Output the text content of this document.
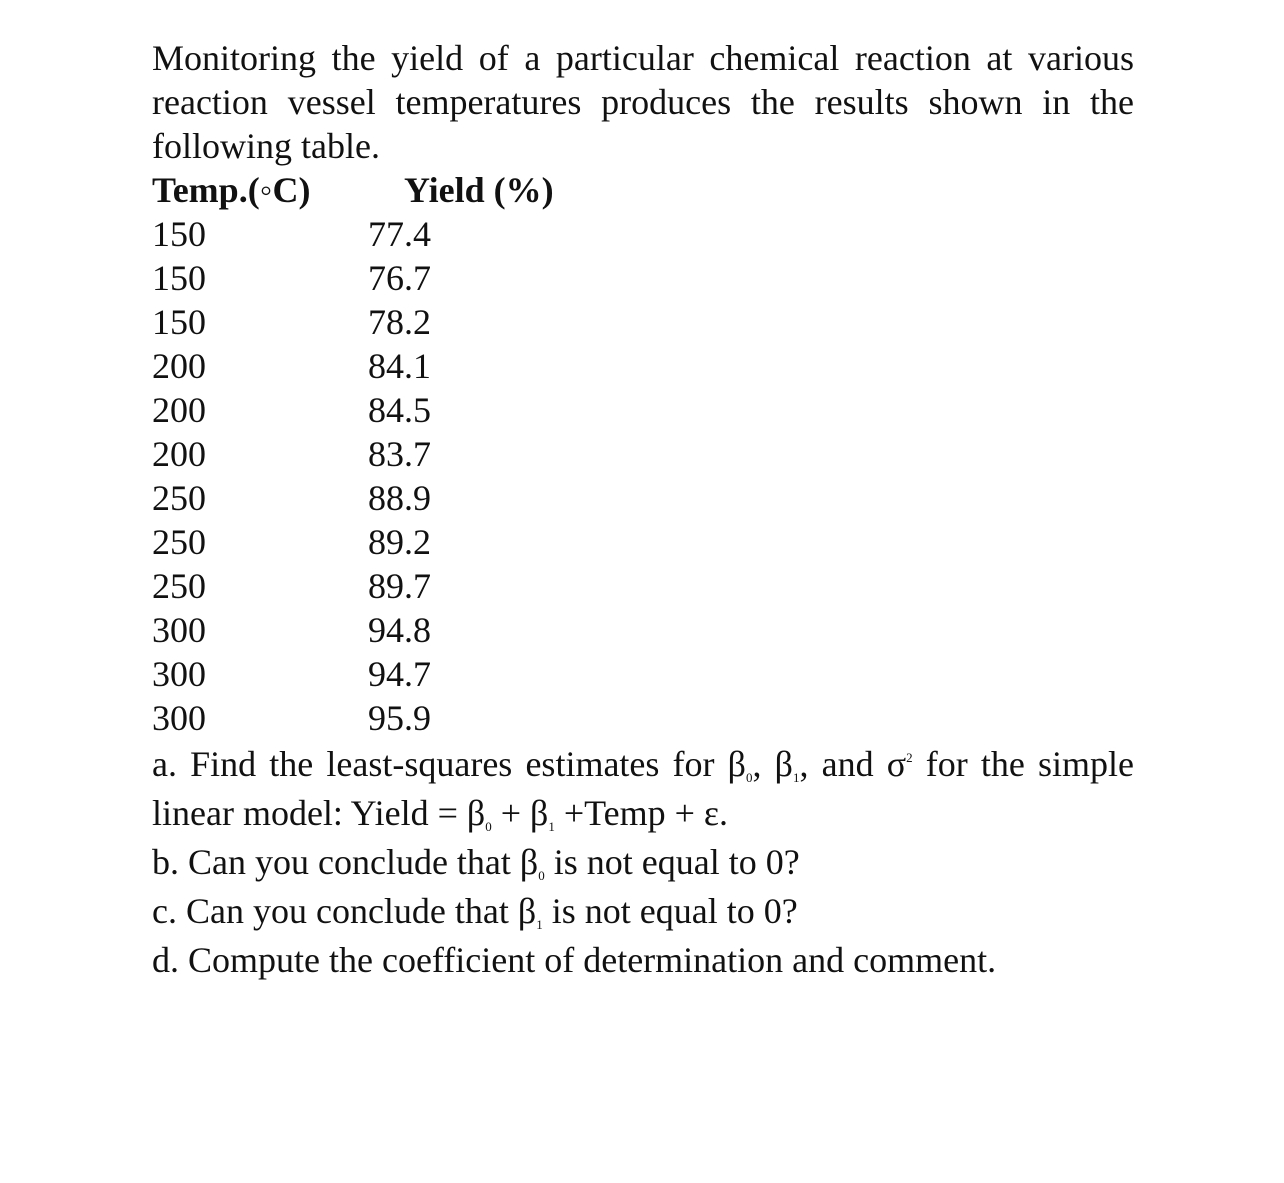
Monitoring the yield of a particular chemical reaction at various reaction vessel temperatures produces the results shown in the following table.

Temp.(◦C)	Yield (%)
150	77.4
150	76.7
150	78.2
200	84.1
200	84.5
200	83.7
250	88.9
250	89.2
250	89.7
300	94.8
300	94.7
300	95.9

a. Find the least-squares estimates for $\beta_0$, $\beta_1$, and $\sigma^2$ for the simple linear model: Yield = $\beta_0 + \beta_1$ +Temp + ε.

b. Can you conclude that $\beta_0$ is not equal to 0?

c. Can you conclude that $\beta_1$ is not equal to 0?

d. Compute the coefficient of determination and comment.
